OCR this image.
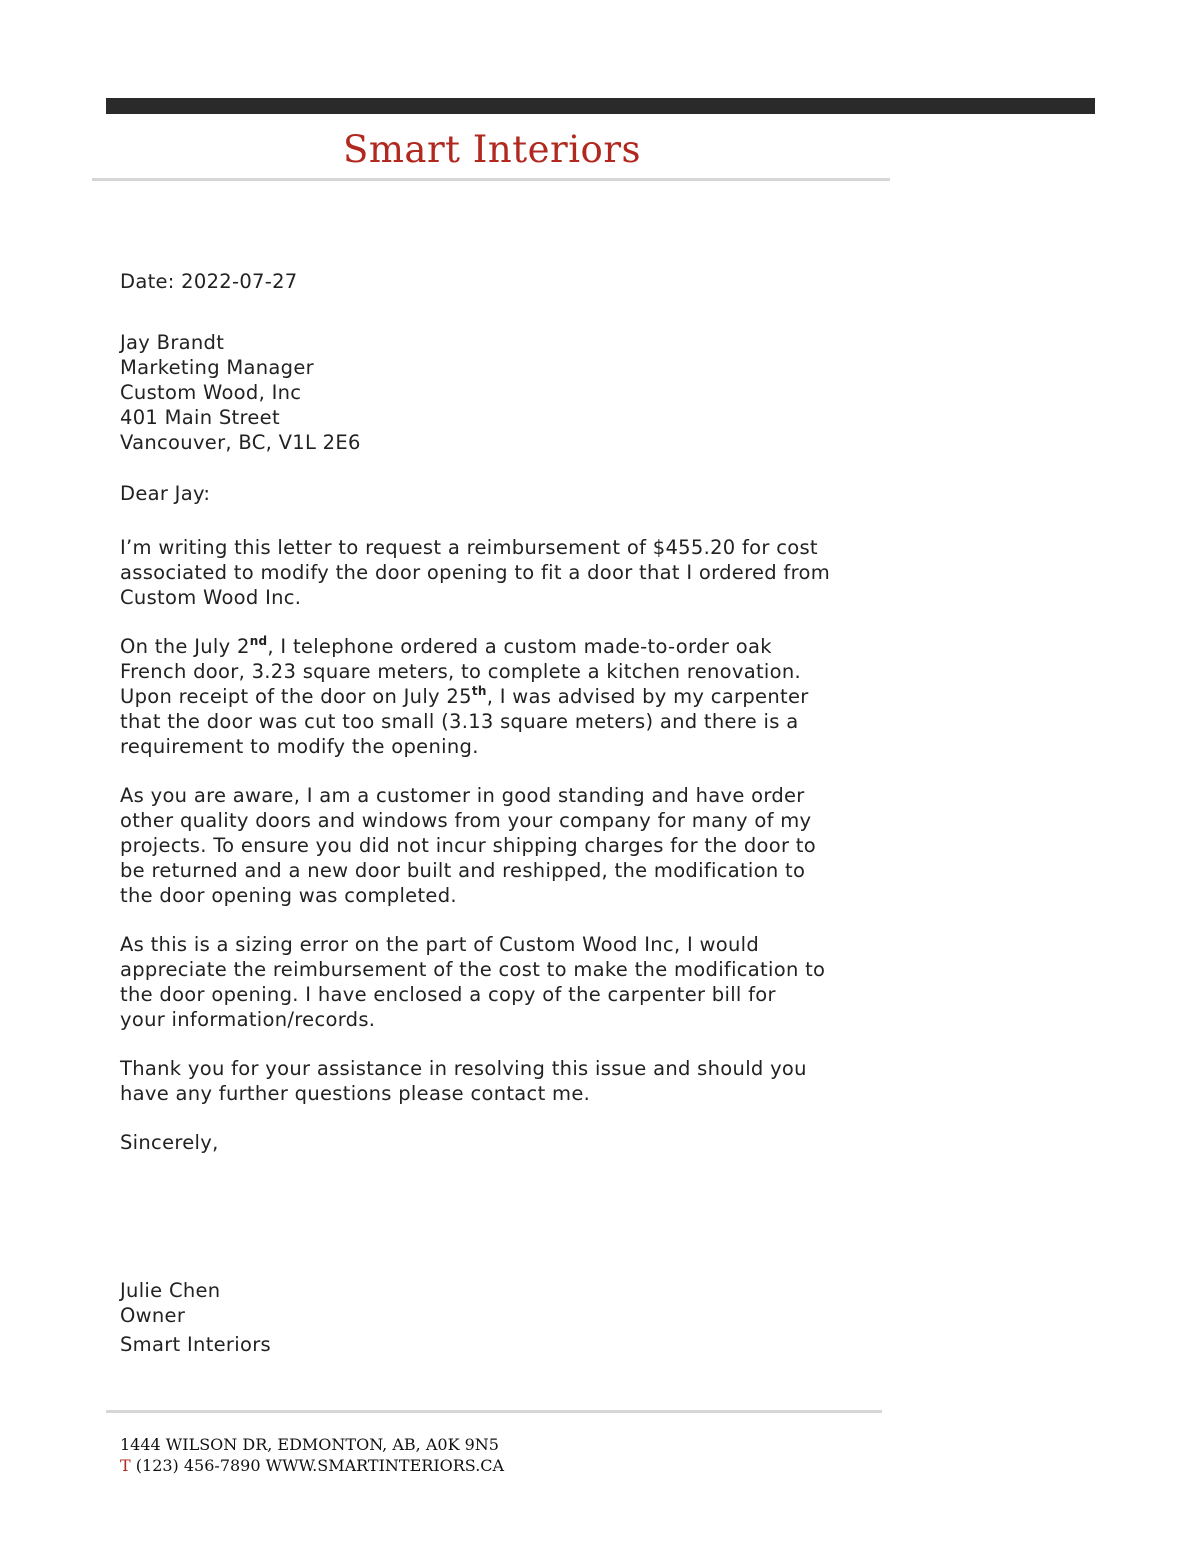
Smart Interiors
Date: 2022-07-27
Jay Brandt
Marketing Manager
Custom Wood, Inc
401 Main Street
Vancouver, BC, V1L 2E6
Dear Jay:
I’m writing this letter to request a reimbursement of $455.20 for cost
associated to modify the door opening to fit a door that I ordered from
Custom Wood Inc.
On the July 2nd, I telephone ordered a custom made-to-order oak
French door, 3.23 square meters, to complete a kitchen renovation.
Upon receipt of the door on July 25th, I was advised by my carpenter
that the door was cut too small (3.13 square meters) and there is a
requirement to modify the opening.
As you are aware, I am a customer in good standing and have order
other quality doors and windows from your company for many of my
projects. To ensure you did not incur shipping charges for the door to
be returned and a new door built and reshipped, the modification to
the door opening was completed.
As this is a sizing error on the part of Custom Wood Inc, I would
appreciate the reimbursement of the cost to make the modification to
the door opening. I have enclosed a copy of the carpenter bill for
your information/records.
Thank you for your assistance in resolving this issue and should you
have any further questions please contact me.
Sincerely,
Julie Chen
Owner
Smart Interiors
1444 WILSON DR, EDMONTON, AB, A0K 9N5
T (123) 456-7890 WWW.SMARTINTERIORS.CA
